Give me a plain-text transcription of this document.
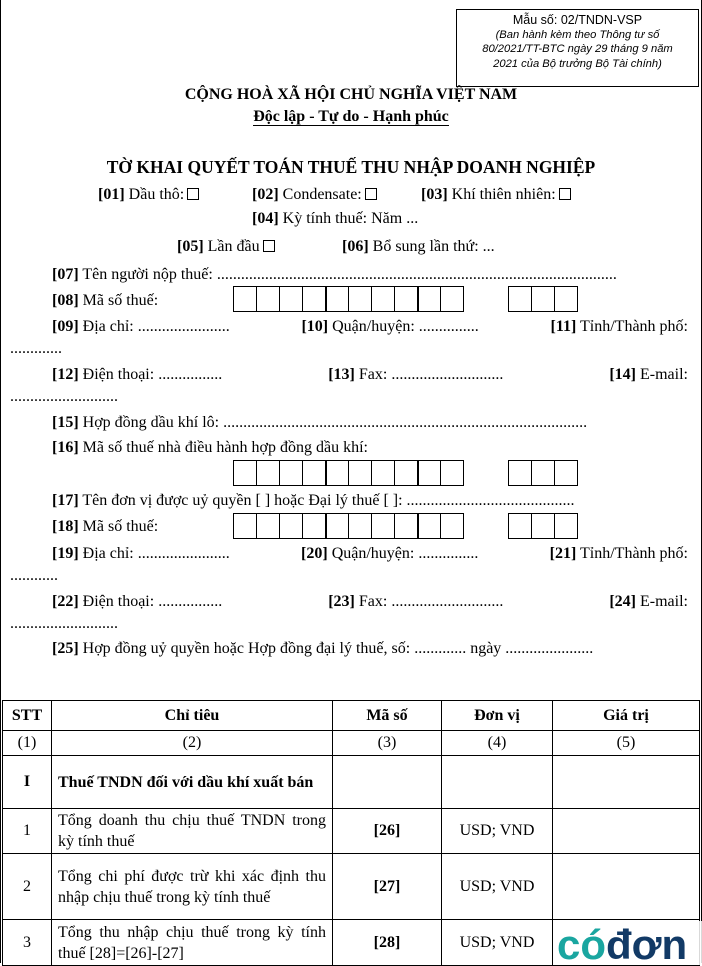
Mẫu số: 02/TNDN-VSP
(Ban hành kèm theo Thông tư số
80/2021/TT-BTC ngày 29 tháng 9 năm
2021 của Bộ trưởng Bộ Tài chính)
CỘNG HOÀ XÃ HỘI CHỦ NGHĨA VIỆT NAM
Độc lập - Tự do - Hạnh phúc
TỜ KHAI QUYẾT TOÁN THUẾ THU NHẬP DOANH NGHIỆP
[01] Dầu thô:	[02] Condensate:	[03] Khí thiên nhiên:
[04] Kỳ tính thuế: Năm ...
[05] Lần đầu	[06] Bổ sung lần thứ: ...
[07] Tên người nộp thuế: ....................................................................................................
[08] Mã số thuế:
[09] Địa chỉ: .......................	[10] Quận/huyện: ...............	[11] Tỉnh/Thành phố:
.............
[12] Điện thoại: ................	[13] Fax: ............................	[14] E-mail:
...........................
[15] Hợp đồng dầu khí lô: ...........................................................................................
[16] Mã số thuế nhà điều hành hợp đồng dầu khí:
[17] Tên đơn vị được uỷ quyền [ ] hoặc Đại lý thuế [ ]: ..........................................
[18] Mã số thuế:
[19] Địa chỉ: .......................	[20] Quận/huyện: ...............	[21] Tỉnh/Thành phố:
............
[22] Điện thoại: ................	[23] Fax: ............................	[24] E-mail:
...........................
[25] Hợp đồng uỷ quyền hoặc Hợp đồng đại lý thuế, số: ............. ngày ......................
STT	Chỉ tiêu	Mã số	Đơn vị	Giá trị
(1)	(2)	(3)	(4)	(5)
I	Thuế TNDN đối với dầu khí xuất bán			
1	Tổng doanh thu chịu thuế TNDN trong kỳ tính thuế	[26]	USD; VND	
2	Tổng chi phí được trừ khi xác định thu nhập chịu thuế trong kỳ tính thuế	[27]	USD; VND	
3	Tổng thu nhập chịu thuế trong kỳ tính thuế [28]=[26]-[27]	[28]	USD; VND	cóđơn
